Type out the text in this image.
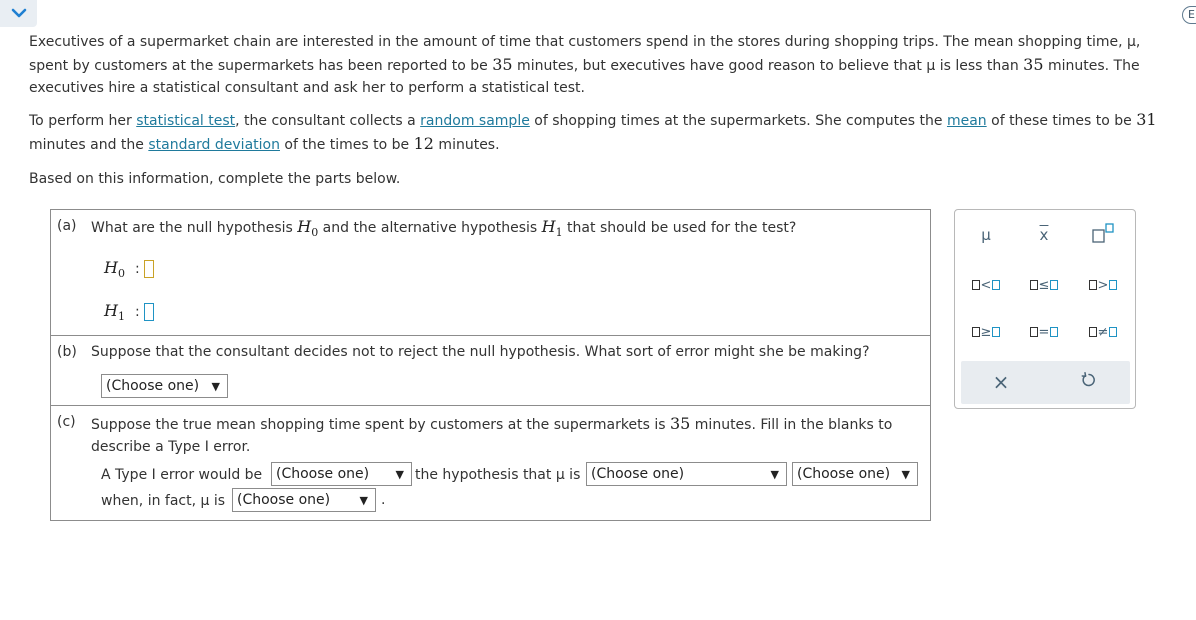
E

Executives of a supermarket chain are interested in the amount of time that customers spend in the stores during shopping trips. The mean shopping time, μ,
spent by customers at the supermarkets has been reported to be 35 minutes, but executives have good reason to believe that μ is less than 35 minutes. The
executives hire a statistical consultant and ask her to perform a statistical test.

To perform her statistical test, the consultant collects a random sample of shopping times at the supermarkets. She computes the mean of these times to be 31
minutes and the standard deviation of the times to be 12 minutes.

Based on this information, complete the parts below.

(a) What are the null hypothesis $H_0$ and the alternative hypothesis $H_1$ that should be used for the test?
$H_0$ :
$H_1$ :
(b) Suppose that the consultant decides not to reject the null hypothesis. What sort of error might she be making?
(Choose one) ▼
(c) Suppose the true mean shopping time spent by customers at the supermarkets is 35 minutes. Fill in the blanks to
describe a Type I error.
A Type I error would be (Choose one) ▼ the hypothesis that μ is (Choose one)	▼ (Choose one) ▼
when, in fact, μ is (Choose one)	▼ .
μ	$\overline{x}$
<	≤	>
≥	=	≠
×
